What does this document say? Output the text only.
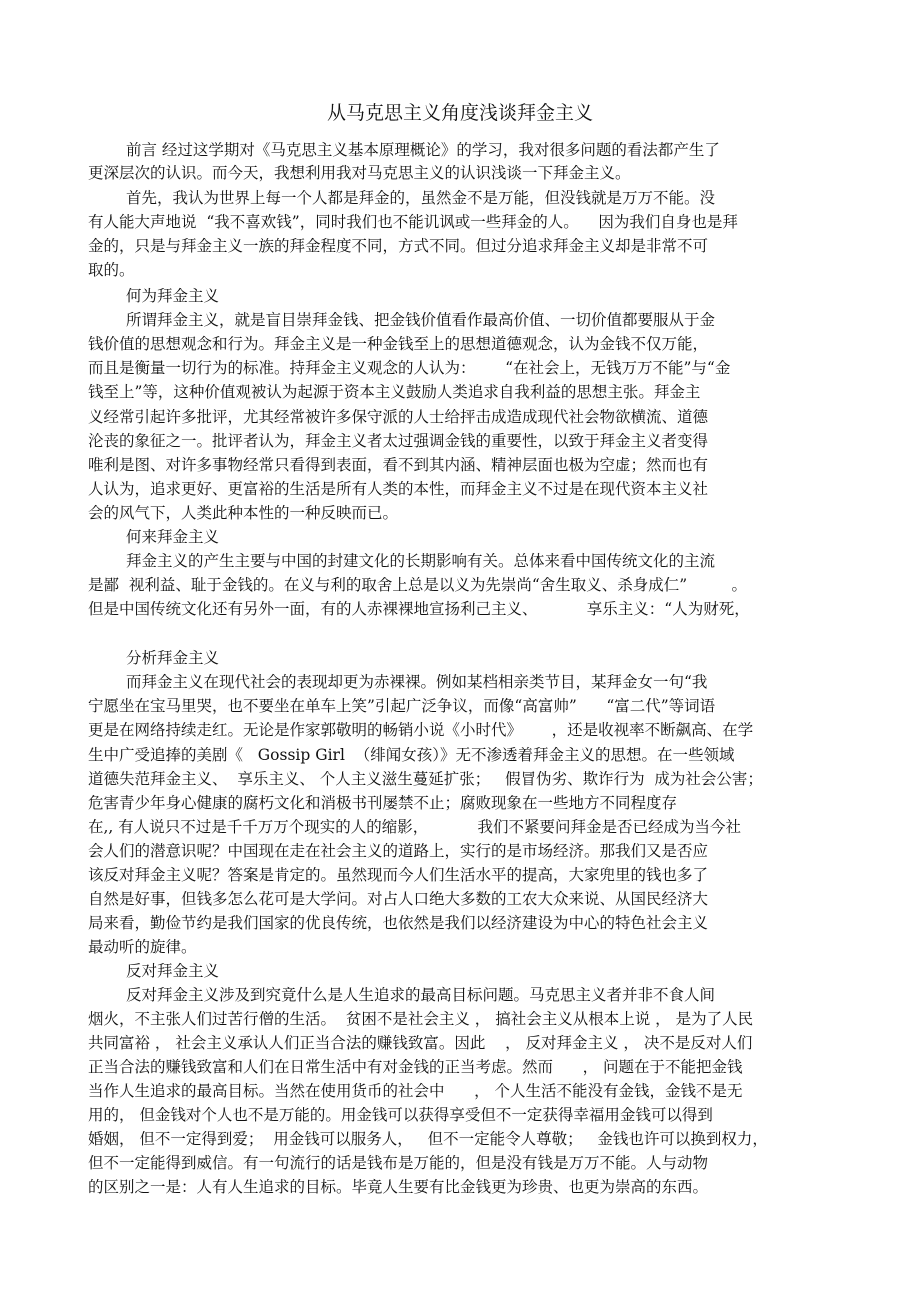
从马克思主义角度浅谈拜金主义
前言 经过这学期对《马克思主义基本原理概论》的学习，我对很多问题的看法都产生了
更深层次的认识。而今天，我想利用我对马克思主义的认识浅谈一下拜金主义。
首先，我认为世界上每一个人都是拜金的，虽然金不是万能，但没钱就是万万不能。没
有人能大声地说  “我不喜欢钱”，同时我们也不能讥讽或一些拜金的人。    因为我们自身也是拜
金的，只是与拜金主义一族的拜金程度不同，方式不同。但过分追求拜金主义却是非常不可
取的。
何为拜金主义
所谓拜金主义，就是盲目崇拜金钱、把金钱价值看作最高价值、一切价值都要服从于金
钱价值的思想观念和行为。拜金主义是一种金钱至上的思想道德观念，认为金钱不仅万能，
而且是衡量一切行为的标准。持拜金主义观念的人认为：      “在社会上，无钱万万不能”与“金
钱至上”等，这种价值观被认为起源于资本主义鼓励人类追求自我利益的思想主张。拜金主
义经常引起许多批评，尤其经常被许多保守派的人士给抨击成造成现代社会物欲横流、道德
沦丧的象征之一。批评者认为，拜金主义者太过强调金钱的重要性，以致于拜金主义者变得
唯利是图、对许多事物经常只看得到表面，看不到其内涵、精神层面也极为空虚；然而也有
人认为，追求更好、更富裕的生活是所有人类的本性，而拜金主义不过是在现代资本主义社
会的风气下，人类此种本性的一种反映而已。
何来拜金主义
拜金主义的产生主要与中国的封建文化的长期影响有关。总体来看中国传统文化的主流
是鄙  视利益、耻于金钱的。在义与利的取舍上总是以义为先崇尚“舍生取义、杀身成仁”         。
但是中国传统文化还有另外一面，有的人赤裸裸地宣扬利己主义、          享乐主义：“人为财死，
分析拜金主义
而拜金主义在现代社会的表现却更为赤裸裸。例如某档相亲类节目，某拜金女一句“我
宁愿坐在宝马里哭，也不要坐在单车上笑”引起广泛争议，而像“高富帅”      “富二代”等词语
更是在网络持续走红。无论是作家郭敬明的畅销小说《小时代》      ，还是收视率不断飙高、在学
生中广受追捧的美剧《   Gossip Girl  （绯闻女孩）》无不渗透着拜金主义的思想。在一些领域
道德失范拜金主义、  享乐主义、 个人主义滋生蔓延扩张；   假冒伪劣、欺诈行为  成为社会公害；
危害青少年身心健康的腐朽文化和消极书刊屡禁不止；腐败现象在一些地方不同程度存
在,, 有人说只不过是千千万万个现实的人的缩影，          我们不紧要问拜金是否已经成为当今社
会人们的潜意识呢？中国现在走在社会主义的道路上，实行的是市场经济。那我们又是否应
该反对拜金主义呢？答案是肯定的。虽然现而今人们生活水平的提高，大家兜里的钱也多了
自然是好事，但钱多怎么花可是大学问。对占人口绝大多数的工农大众来说、从国民经济大
局来看，勤俭节约是我们国家的优良传统，也依然是我们以经济建设为中心的特色社会主义
最动听的旋律。
反对拜金主义
反对拜金主义涉及到究竟什么是人生追求的最高目标问题。马克思主义者并非不食人间
烟火，不主张人们过苦行僧的生活。  贫困不是社会主义 ， 搞社会主义从根本上说 ， 是为了人民
共同富裕 ， 社会主义承认人们正当合法的赚钱致富。因此    ， 反对拜金主义 ， 决不是反对人们
正当合法的赚钱致富和人们在日常生活中有对金钱的正当考虑。然而      ， 问题在于不能把金钱
当作人生追求的最高目标。当然在使用货币的社会中      ， 个人生活不能没有金钱，金钱不是无
用的， 但金钱对个人也不是万能的。用金钱可以获得享受但不一定获得幸福用金钱可以得到
婚姻， 但不一定得到爱；  用金钱可以服务人，   但不一定能令人尊敬；   金钱也许可以换到权力，
但不一定能得到威信。有一句流行的话是钱布是万能的，但是没有钱是万万不能。人与动物
的区别之一是：人有人生追求的目标。毕竟人生要有比金钱更为珍贵、也更为崇高的东西。
